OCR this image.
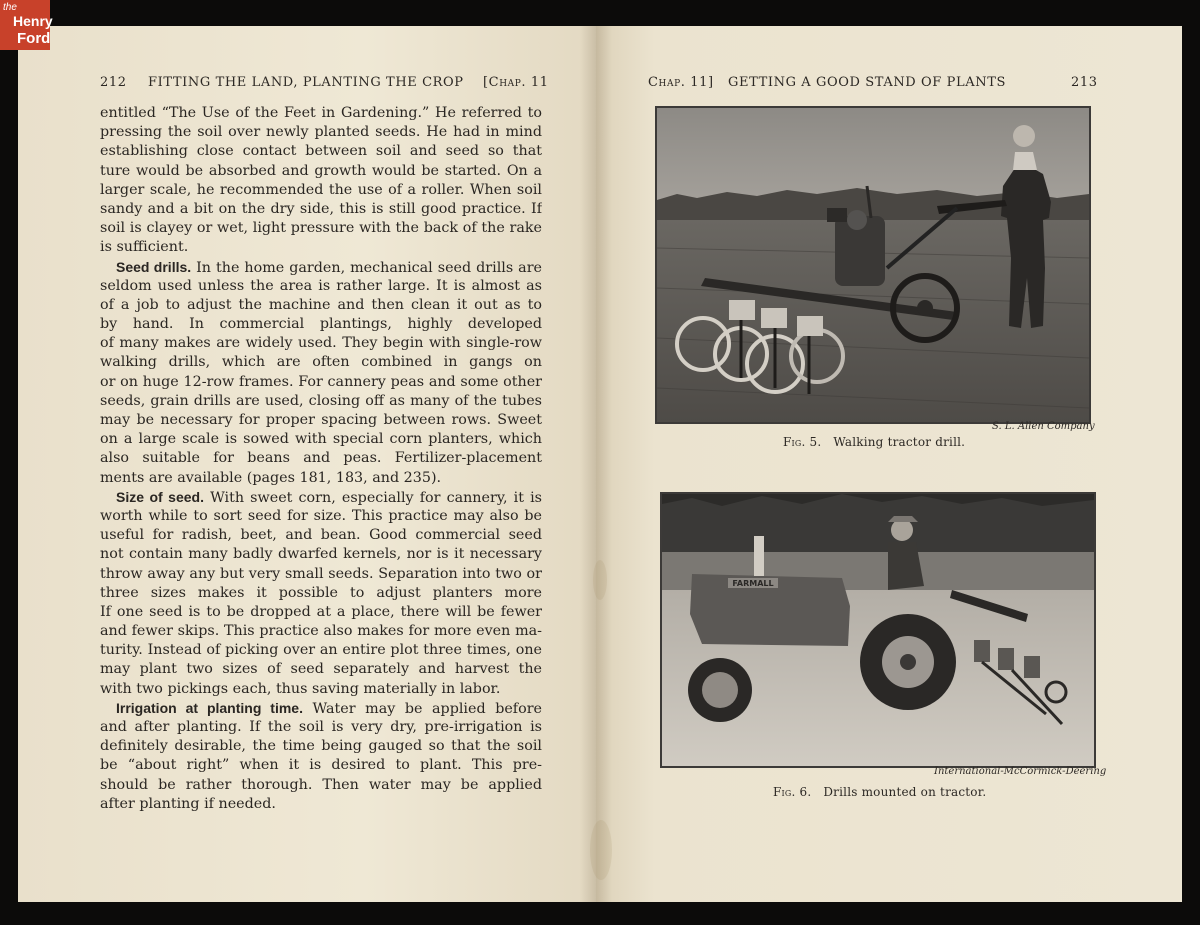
the
Henry
Ford
212 FITTING THE LAND, PLANTING THE CROP [Chap. 11	Chap. 11] GETTING A GOOD STAND OF PLANTS	213
entitled “The Use of the Feet in Gardening.” He referred to
pressing the soil over newly planted seeds. He had in mind
establishing close contact between soil and seed so that
ture would be absorbed and growth would be started. On a
larger scale, he recommended the use of a roller. When soil
sandy and a bit on the dry side, this is still good practice. If
soil is clayey or wet, light pressure with the back of the rake
is sufficient.
Seed drills. In the home garden, mechanical seed drills are
seldom used unless the area is rather large. It is almost as
of a job to adjust the machine and then clean it out as to
by hand. In commercial plantings, highly developed
of many makes are widely used. They begin with single-row
walking drills, which are often combined in gangs on
or on huge 12-row frames. For cannery peas and some other
seeds, grain drills are used, closing off as many of the tubes
may be necessary for proper spacing between rows. Sweet
on a large scale is sowed with special corn planters, which
also suitable for beans and peas. Fertilizer-placement
ments are available (pages 181, 183, and 235).
Size of seed. With sweet corn, especially for cannery, it is
worth while to sort seed for size. This practice may also be
useful for radish, beet, and bean. Good commercial seed
not contain many badly dwarfed kernels, nor is it necessary
throw away any but very small seeds. Separation into two or
three sizes makes it possible to adjust planters more
If one seed is to be dropped at a place, there will be fewer
and fewer skips. This practice also makes for more even ma-
turity. Instead of picking over an entire plot three times, one
may plant two sizes of seed separately and harvest the
with two pickings each, thus saving materially in labor.
Irrigation at planting time. Water may be applied before
and after planting. If the soil is very dry, pre-irrigation is
definitely desirable, the time being gauged so that the soil
be “about right” when it is desired to plant. This pre-
should be rather thorough. Then water may be applied
after planting if needed.
S. L. Allen Company
Fig. 5. Walking tractor drill.
FARMALL
International-McCormick-Deering
Fig. 6. Drills mounted on tractor.
